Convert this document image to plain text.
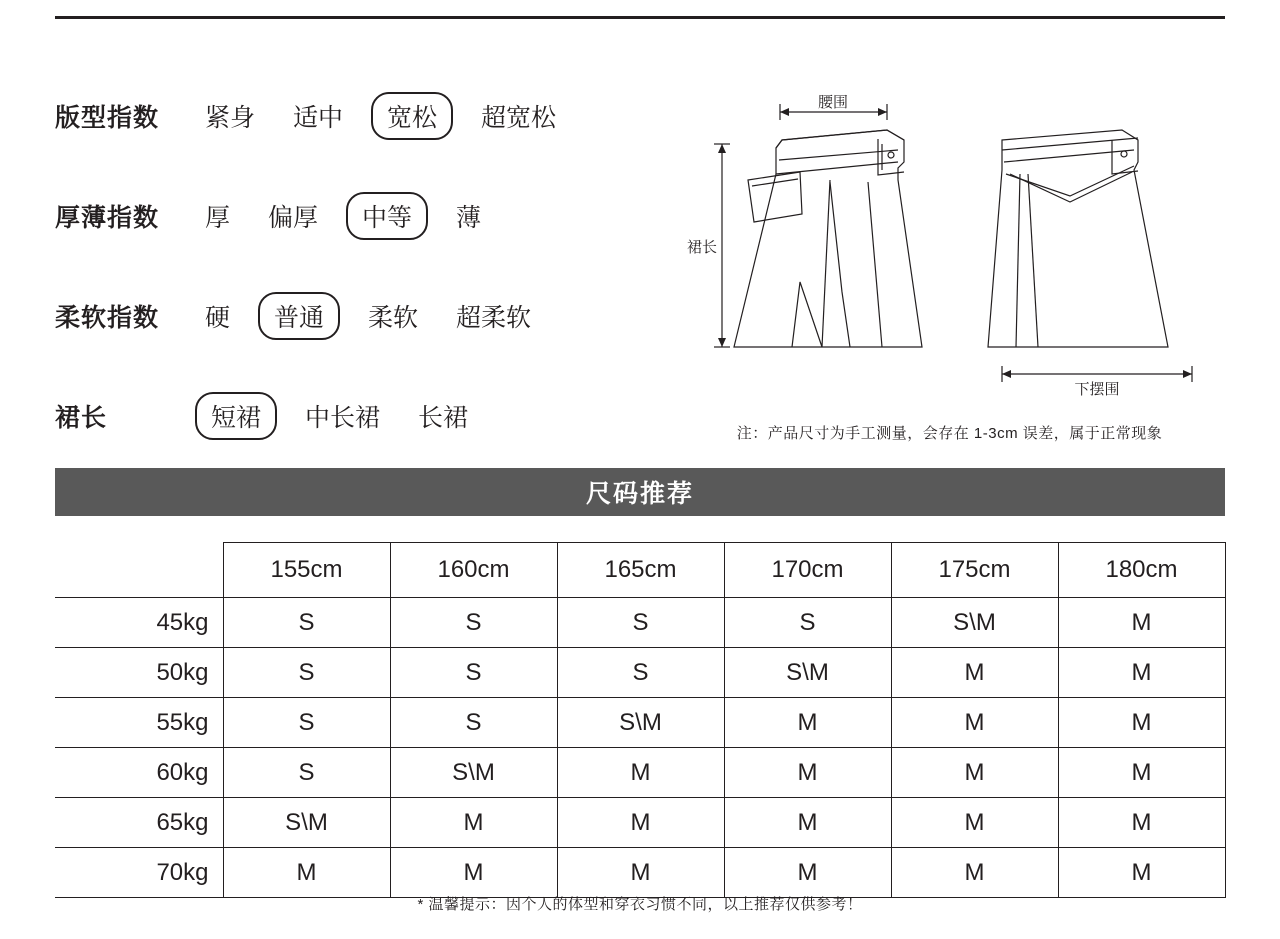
版型指数	紧身	适中	宽松	超宽松
厚薄指数	厚	偏厚	中等	薄
柔软指数	硬	普通	柔软	超柔软
裙长	短裙	中长裙	长裙
腰围
裙长
下摆围
注：产品尺寸为手工测量，会存在 1-3cm 误差，属于正常现象
尺码推荐
	155cm	160cm	165cm	170cm	175cm	180cm
45kg	S	S	S	S	S\M	M
50kg	S	S	S	S\M	M	M
55kg	S	S	S\M	M	M	M
60kg	S	S\M	M	M	M	M
65kg	S\M	M	M	M	M	M
70kg	M	M	M	M	M	M
* 温馨提示：因个人的体型和穿衣习惯不同，以上推荐仅供参考！
